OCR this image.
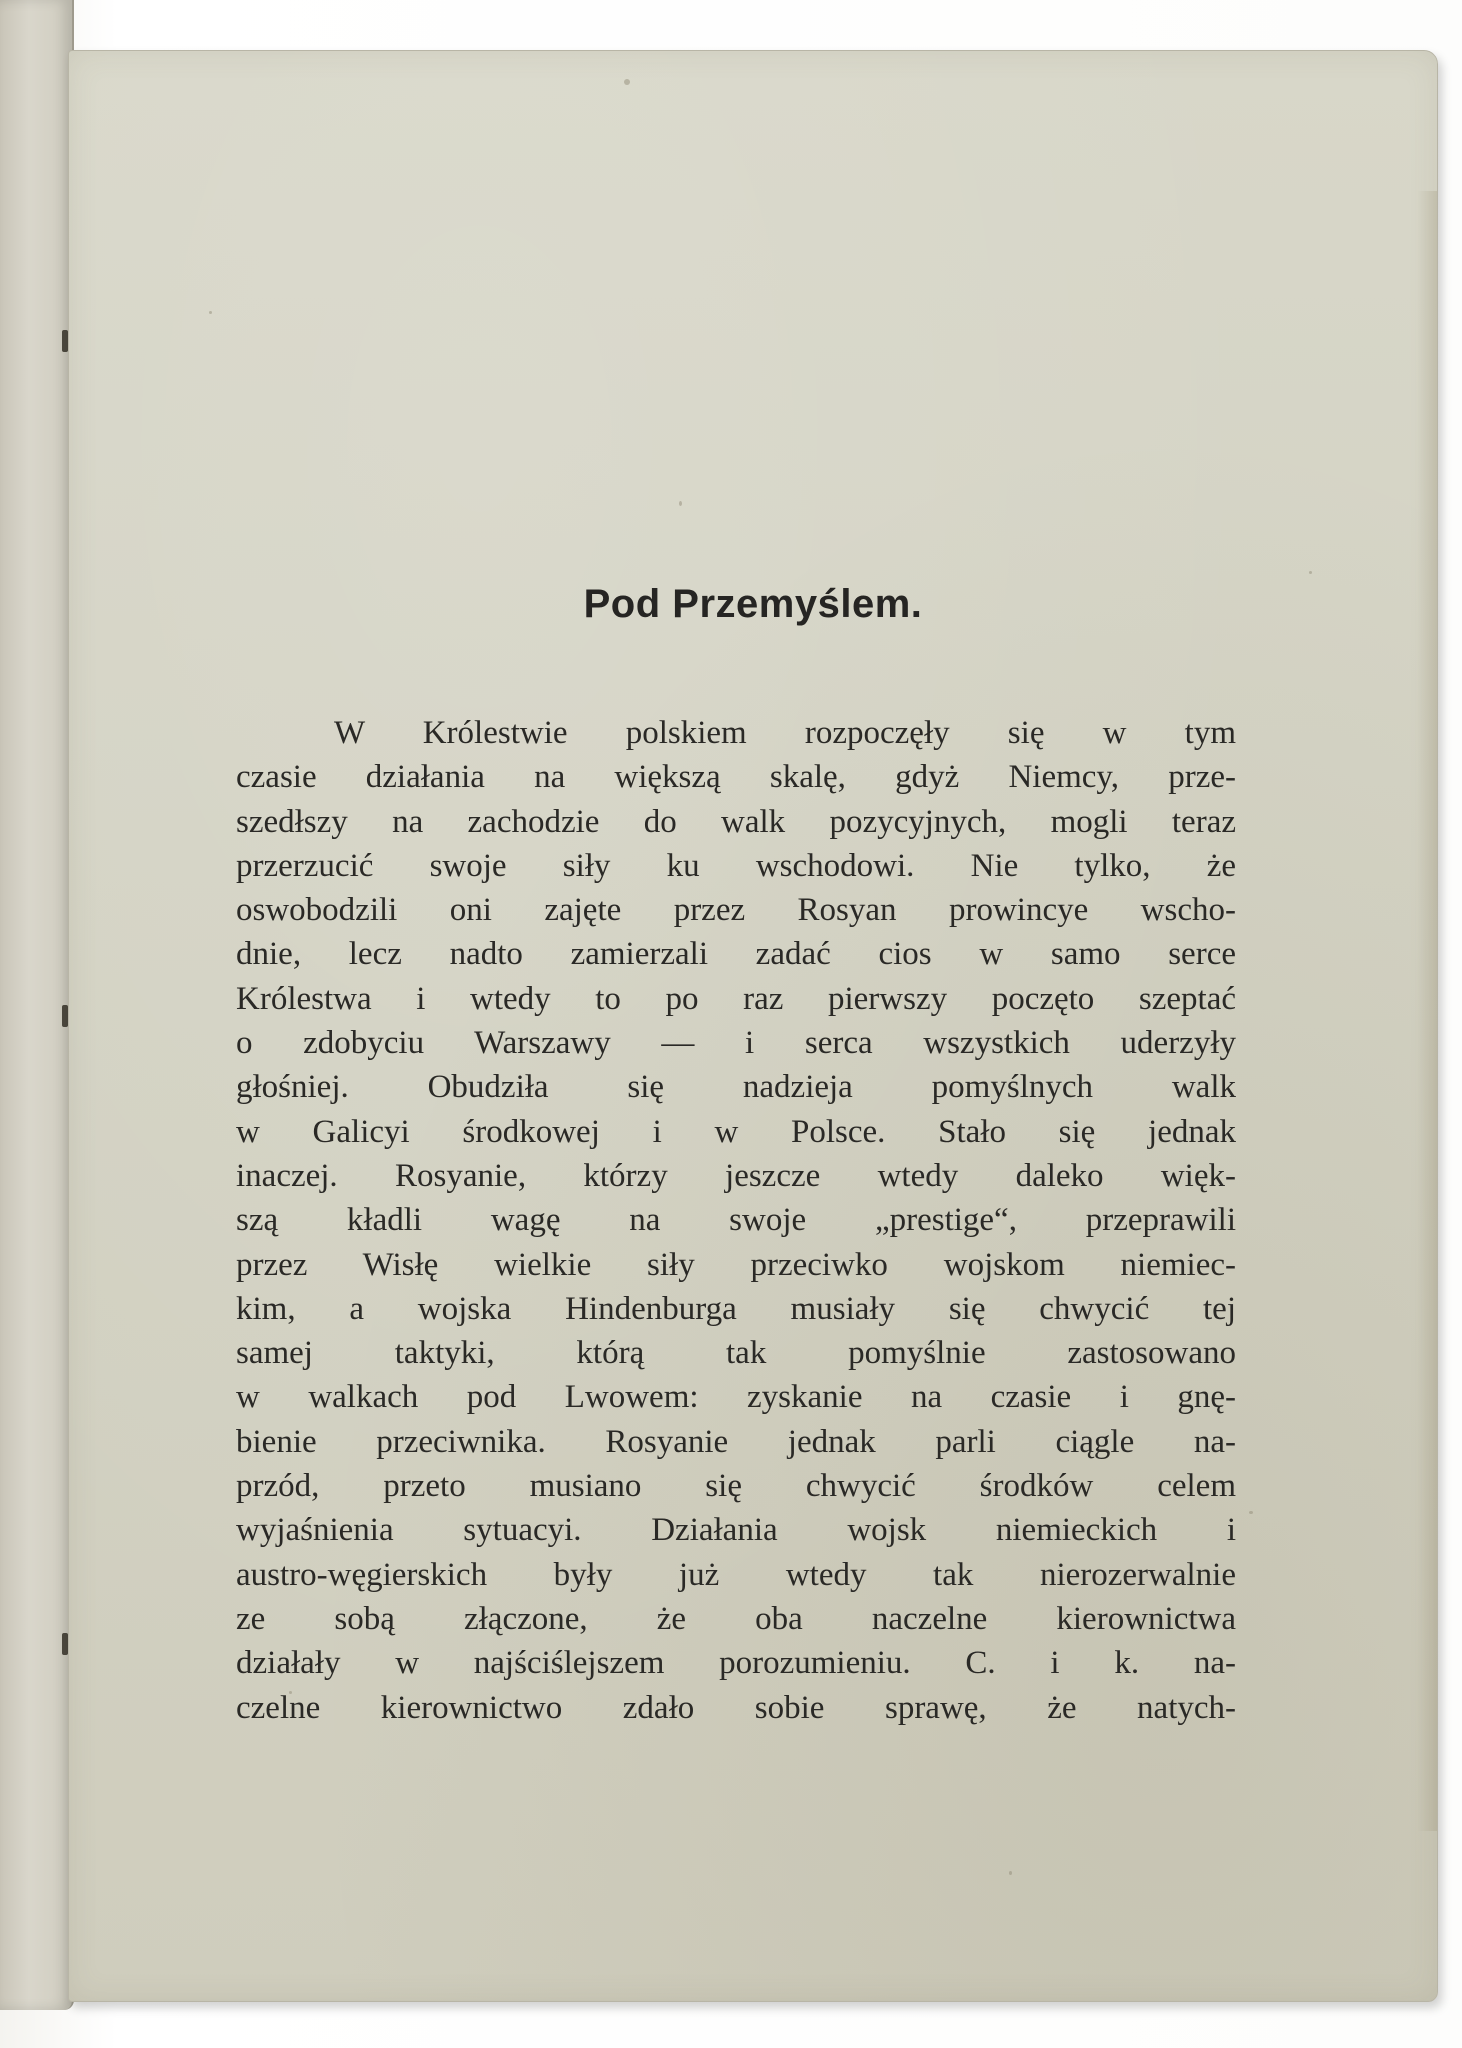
Pod Przemyślem.
W Królestwie polskiem rozpoczęły się w tym
czasie działania na większą skalę, gdyż Niemcy, prze-
szedłszy na zachodzie do walk pozycyjnych, mogli teraz
przerzucić swoje siły ku wschodowi. Nie tylko, że
oswobodzili oni zajęte przez Rosyan prowincye wscho-
dnie, lecz nadto zamierzali zadać cios w samo serce
Królestwa i wtedy to po raz pierwszy poczęto szeptać
o zdobyciu Warszawy — i serca wszystkich uderzyły
głośniej. Obudziła się nadzieja pomyślnych walk
w Galicyi środkowej i w Polsce. Stało się jednak
inaczej. Rosyanie, którzy jeszcze wtedy daleko więk-
szą kładli wagę na swoje „prestige“, przeprawili
przez Wisłę wielkie siły przeciwko wojskom niemiec-
kim, a wojska Hindenburga musiały się chwycić tej
samej taktyki, którą tak pomyślnie zastosowano
w walkach pod Lwowem: zyskanie na czasie i gnę-
bienie przeciwnika. Rosyanie jednak parli ciągle na-
przód, przeto musiano się chwycić środków celem
wyjaśnienia sytuacyi. Działania wojsk niemieckich i
austro-węgierskich były już wtedy tak nierozerwalnie
ze sobą złączone, że oba naczelne kierownictwa
działały w najściślejszem porozumieniu. C. i k. na-
czelne kierownictwo zdało sobie sprawę, że natych-
